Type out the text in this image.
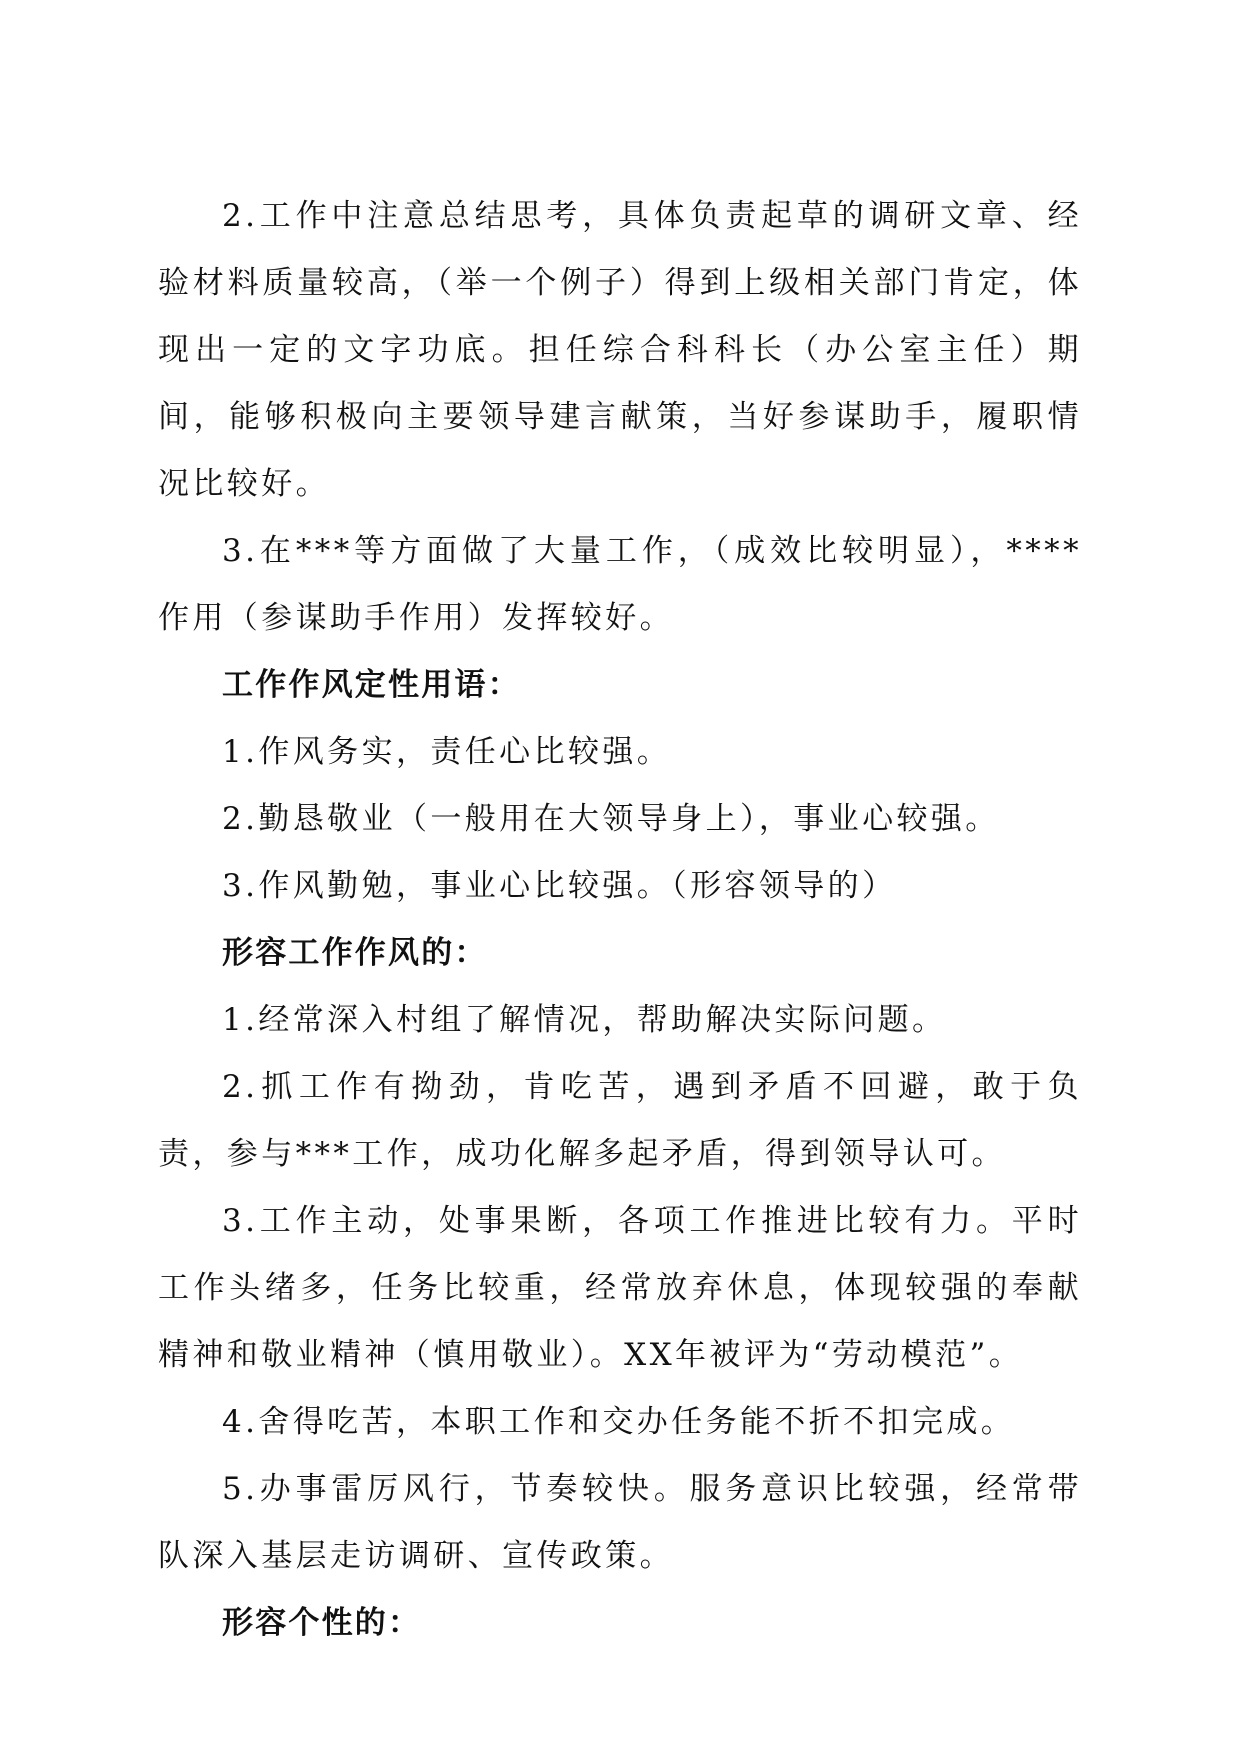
2.工作中注意总结思考，具体负责起草的调研文章、经验材料质量较高，（举一个例子）得到上级相关部门肯定，体现出一定的文字功底。担任综合科科长（办公室主任）期间，能够积极向主要领导建言献策，当好参谋助手，履职情况比较好。

3.在***等方面做了大量工作，（成效比较明显），****作用（参谋助手作用）发挥较好。

工作作风定性用语：

1.作风务实，责任心比较强。

2.勤恳敬业（一般用在大领导身上），事业心较强。

3.作风勤勉，事业心比较强。（形容领导的）

形容工作作风的：

1.经常深入村组了解情况，帮助解决实际问题。

2.抓工作有拗劲，肯吃苦，遇到矛盾不回避，敢于负责，参与***工作，成功化解多起矛盾，得到领导认可。

3.工作主动，处事果断，各项工作推进比较有力。平时工作头绪多，任务比较重，经常放弃休息，体现较强的奉献精神和敬业精神（慎用敬业）。XX年被评为“劳动模范”。

4.舍得吃苦，本职工作和交办任务能不折不扣完成。

5.办事雷厉风行，节奏较快。服务意识比较强，经常带队深入基层走访调研、宣传政策。

形容个性的：
